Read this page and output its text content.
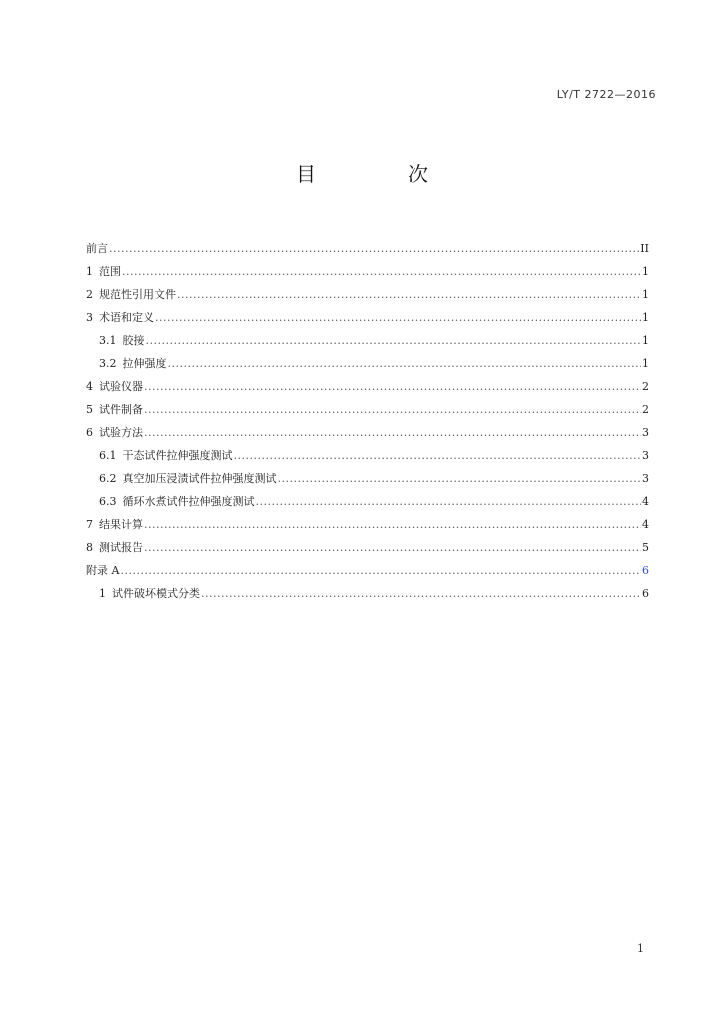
LY/T 2722—2016
目　次
前言 .....	II
1 范围 .....	1
2 规范性引用文件 .....	1
3 术语和定义 .....	1
3.1 胶接 .....	1
3.2 拉伸强度 .....	1
4 试验仪器 .....	2
5 试件制备 .....	2
6 试验方法 .....	3
6.1 干态试件拉伸强度测试 .....	3
6.2 真空加压浸渍试件拉伸强度测试 .....	3
6.3 循环水煮试件拉伸强度测试 .....	4
7 结果计算 .....	4
8 测试报告 .....	5
附录 A .....	6
1 试件破坏模式分类 .....	6
1
